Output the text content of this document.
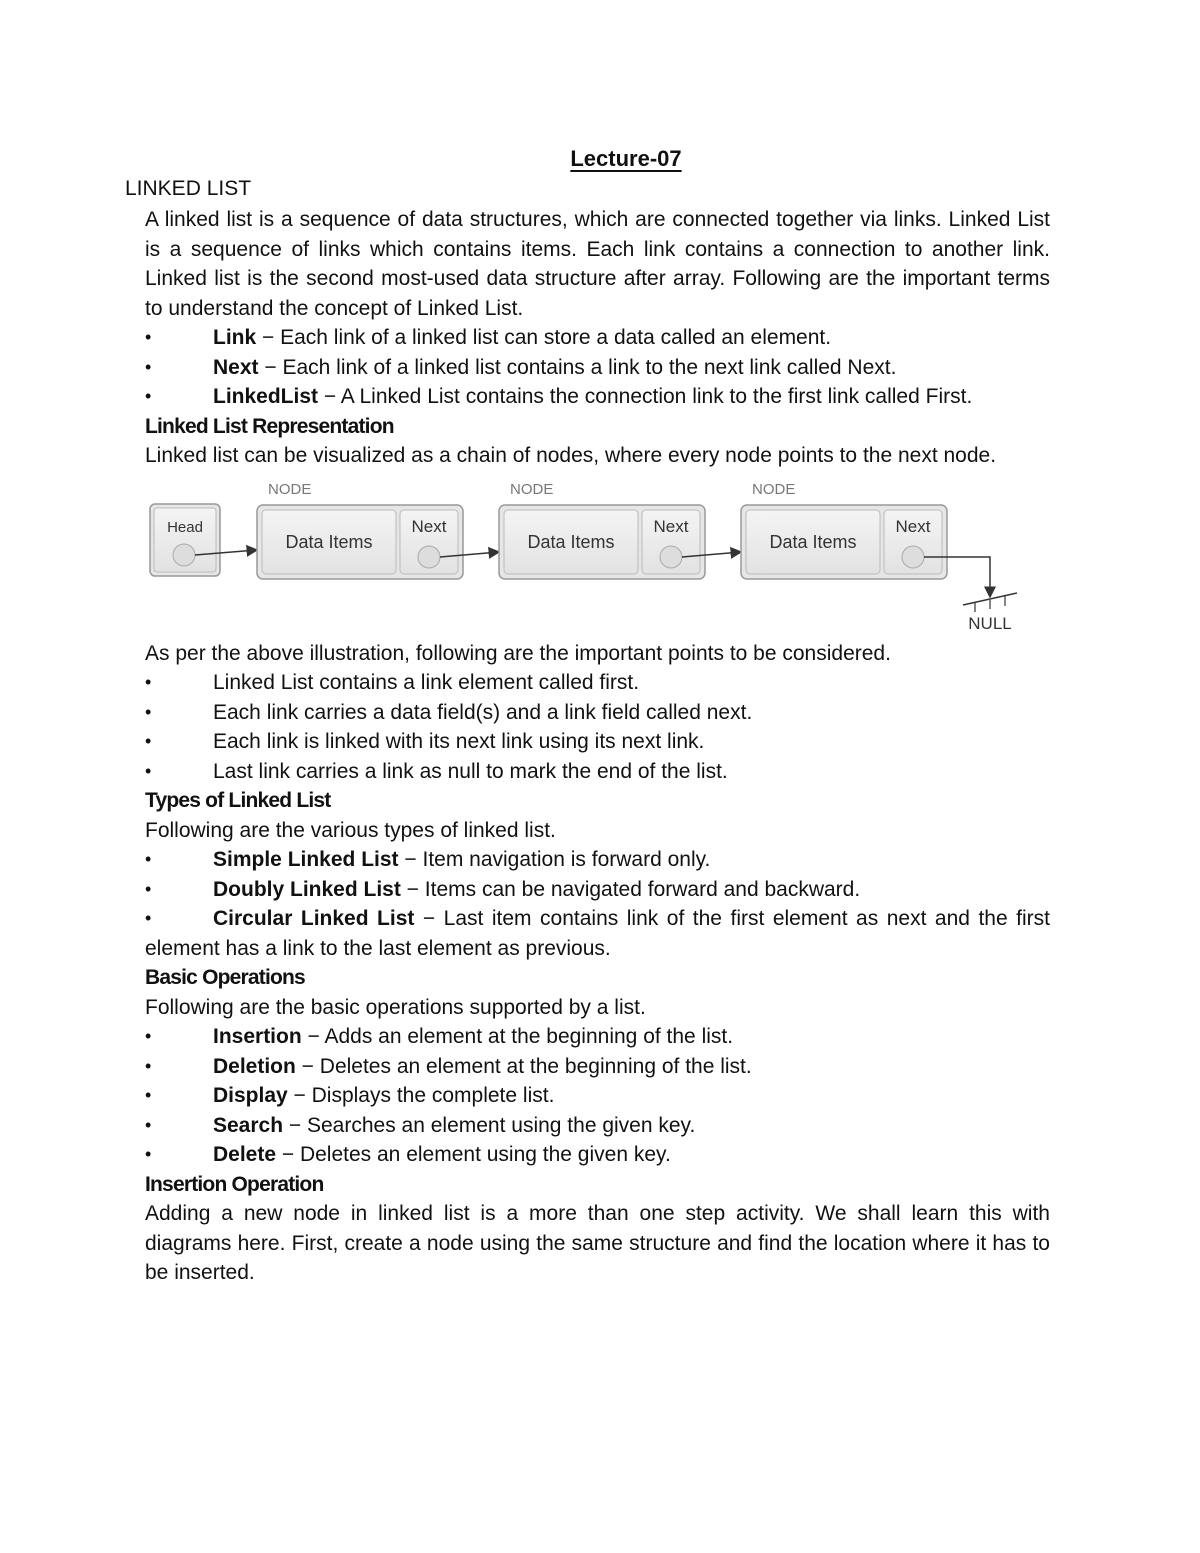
Lecture-07
LINKED LIST

A linked list is a sequence of data structures, which are connected together via links. Linked List is a sequence of links which contains items. Each link contains a connection to another link. Linked list is the second most-used data structure after array. Following are the important terms to understand the concept of Linked List.

•	Link − Each link of a linked list can store a data called an element.
•	Next − Each link of a linked list contains a link to the next link called Next.
•	LinkedList − A Linked List contains the connection link to the first link called First.
Linked List Representation

Linked list can be visualized as a chain of nodes, where every node points to the next node.

Head
NODE
Data Items
Next
NODE
Data Items
Next
NODE
Data Items
Next
NULL

As per the above illustration, following are the important points to be considered.

•	Linked List contains a link element called first.
•	Each link carries a data field(s) and a link field called next.
•	Each link is linked with its next link using its next link.
•	Last link carries a link as null to mark the end of the list.
Types of Linked List

Following are the various types of linked list.

•	Simple Linked List − Item navigation is forward only.
•	Doubly Linked List − Items can be navigated forward and backward.
•	Circular Linked List − Last item contains link of the first element as next and the first element has a link to the last element as previous.
Basic Operations

Following are the basic operations supported by a list.

•	Insertion − Adds an element at the beginning of the list.
•	Deletion − Deletes an element at the beginning of the list.
•	Display − Displays the complete list.
•	Search − Searches an element using the given key.
•	Delete − Deletes an element using the given key.
Insertion Operation

Adding a new node in linked list is a more than one step activity. We shall learn this with diagrams here. First, create a node using the same structure and find the location where it has to be inserted.
